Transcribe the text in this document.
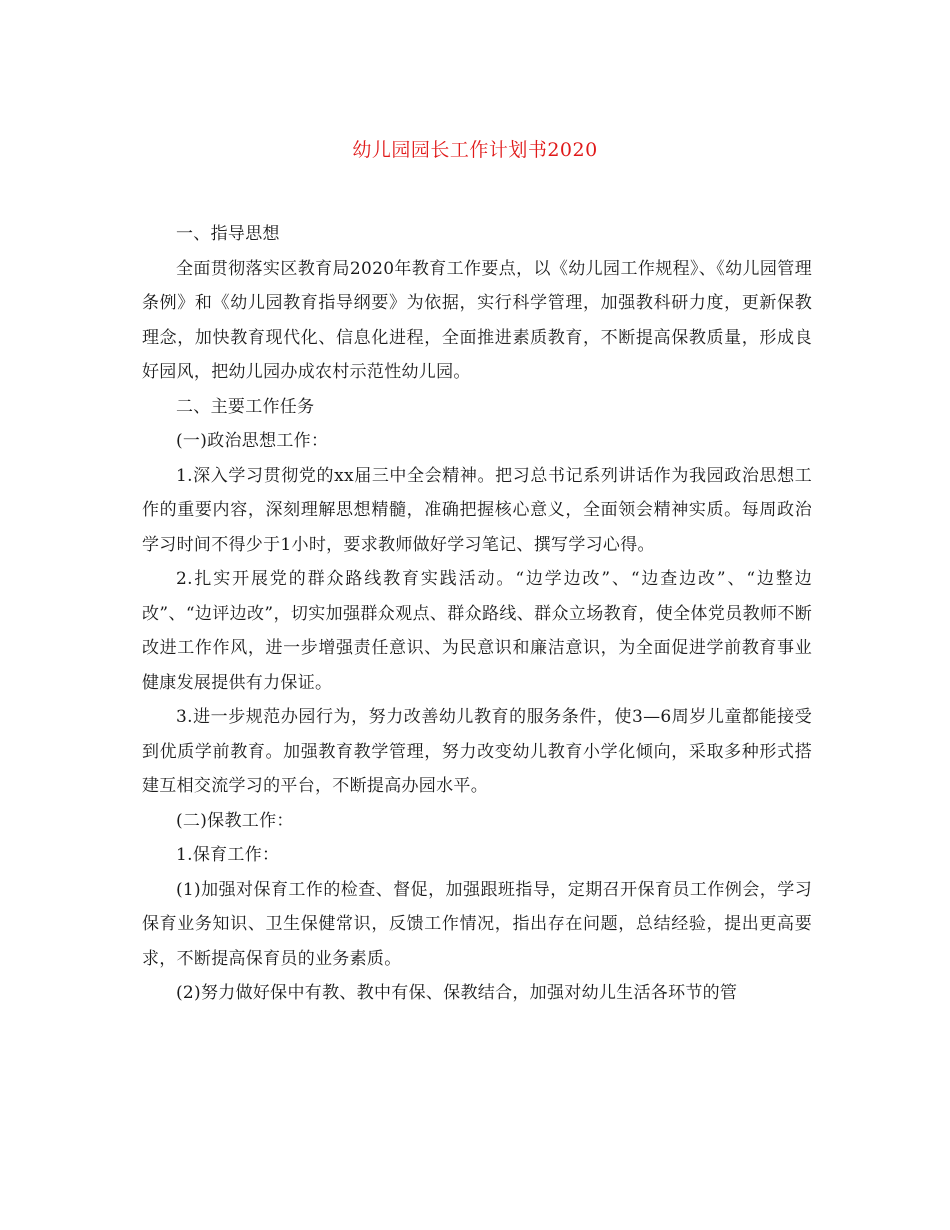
幼儿园园长工作计划书2020

一、指导思想

全面贯彻落实区教育局2020年教育工作要点，以《幼儿园工作规程》、《幼儿园管理条例》和《幼儿园教育指导纲要》为依据，实行科学管理，加强教科研力度，更新保教理念，加快教育现代化、信息化进程，全面推进素质教育，不断提高保教质量，形成良好园风，把幼儿园办成农村示范性幼儿园。

二、主要工作任务

(一)政治思想工作：

1.深入学习贯彻党的xx届三中全会精神。把习总书记系列讲话作为我园政治思想工作的重要内容，深刻理解思想精髓，准确把握核心意义，全面领会精神实质。每周政治学习时间不得少于1小时，要求教师做好学习笔记、撰写学习心得。

2.扎实开展党的群众路线教育实践活动。“边学边改”、“边查边改”、“边整边改”、“边评边改”，切实加强群众观点、群众路线、群众立场教育，使全体党员教师不断改进工作作风，进一步增强责任意识、为民意识和廉洁意识，为全面促进学前教育事业健康发展提供有力保证。

3.进一步规范办园行为，努力改善幼儿教育的服务条件，使3—6周岁儿童都能接受到优质学前教育。加强教育教学管理，努力改变幼儿教育小学化倾向，采取多种形式搭建互相交流学习的平台，不断提高办园水平。

(二)保教工作：

1.保育工作：

(1)加强对保育工作的检查、督促，加强跟班指导，定期召开保育员工作例会，学习保育业务知识、卫生保健常识，反馈工作情况，指出存在问题，总结经验，提出更高要求，不断提高保育员的业务素质。

(2)努力做好保中有教、教中有保、保教结合，加强对幼儿生活各环节的管
